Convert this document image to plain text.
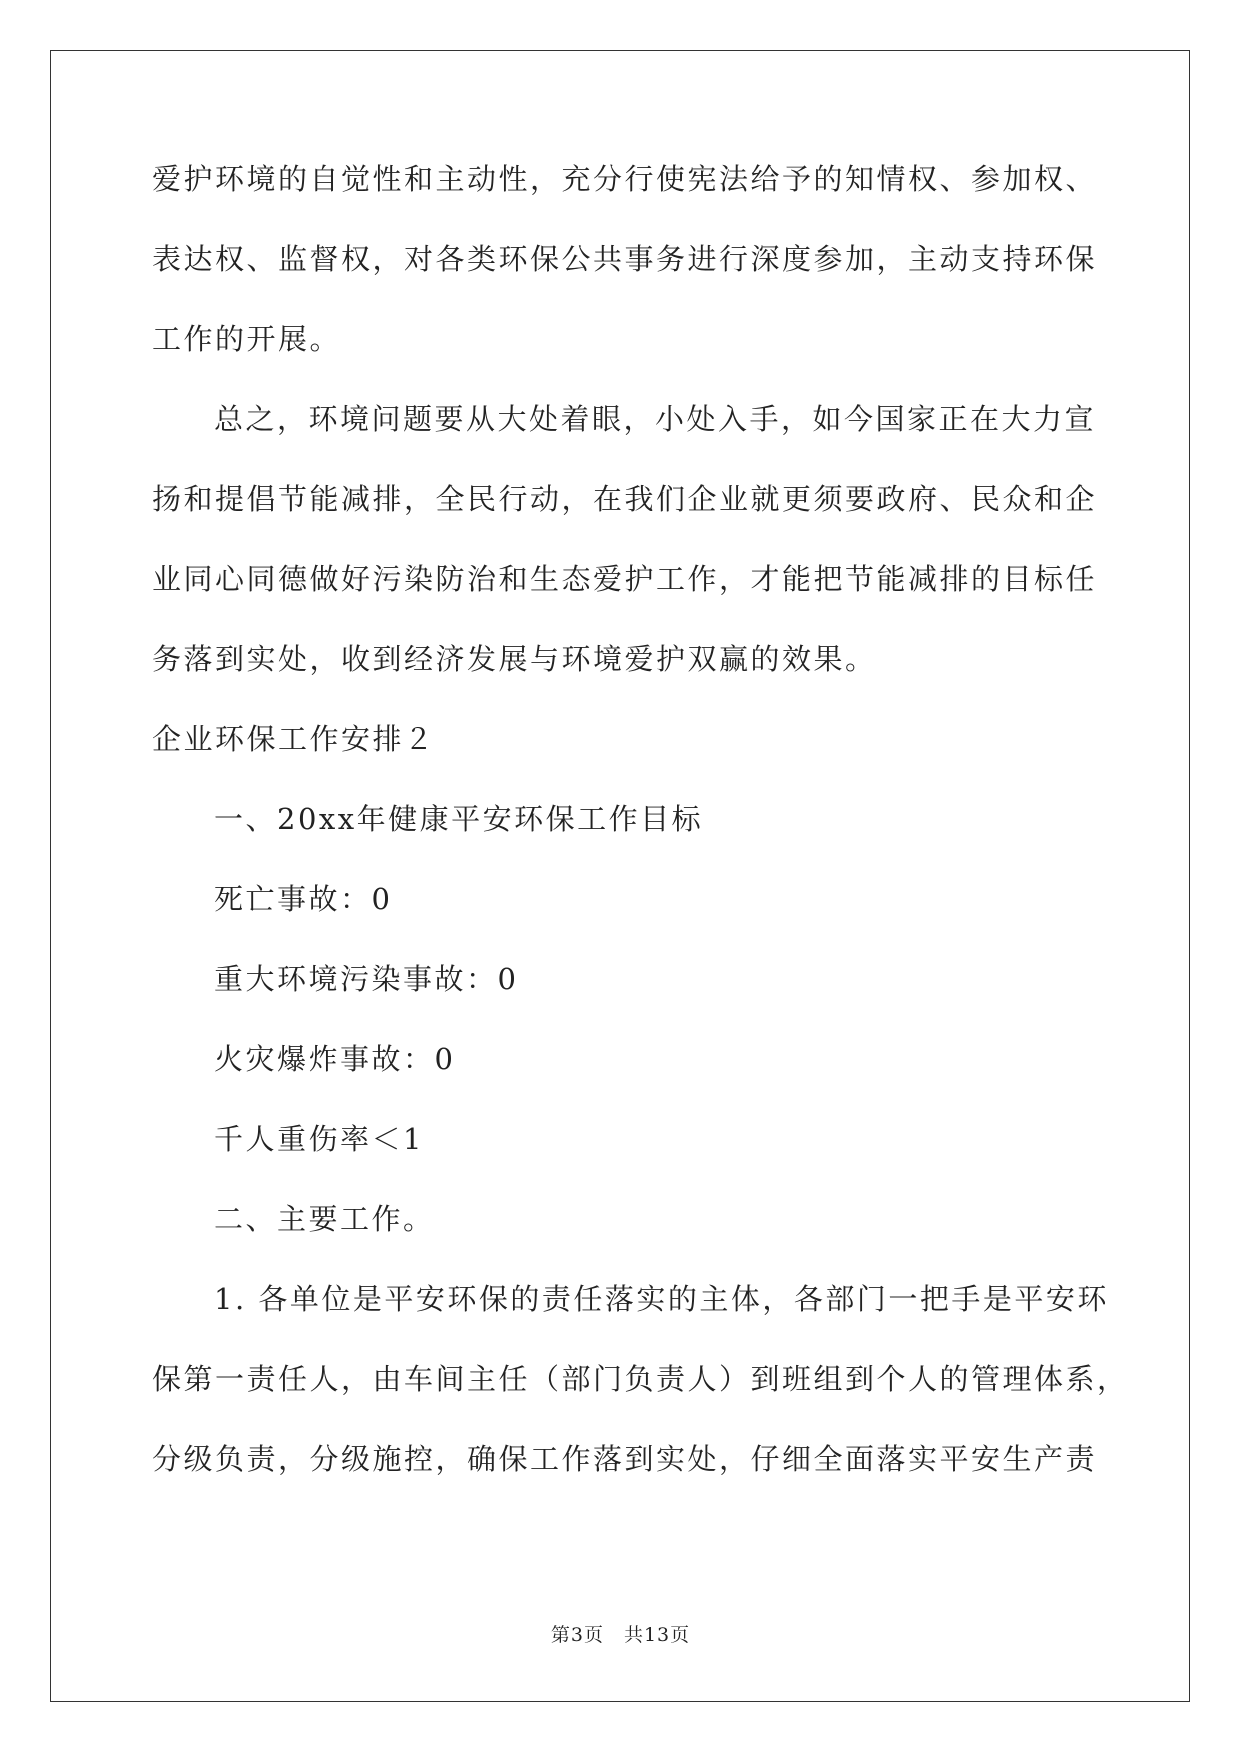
爱护环境的自觉性和主动性，充分行使宪法给予的知情权、参加权、
表达权、监督权，对各类环保公共事务进行深度参加，主动支持环保
工作的开展。
总之，环境问题要从大处着眼，小处入手，如今国家正在大力宣
扬和提倡节能减排，全民行动，在我们企业就更须要政府、民众和企
业同心同德做好污染防治和生态爱护工作，才能把节能减排的目标任
务落到实处，收到经济发展与环境爱护双赢的效果。
企业环保工作安排２
一、20xx年健康平安环保工作目标
死亡事故：0
重大环境污染事故：0
火灾爆炸事故：0
千人重伤率＜1
二、主要工作。
1. 各单位是平安环保的责任落实的主体，各部门一把手是平安环
保第一责任人，由车间主任（部门负责人）到班组到个人的管理体系，
分级负责，分级施控，确保工作落到实处，仔细全面落实平安生产责
第3页　共13页
